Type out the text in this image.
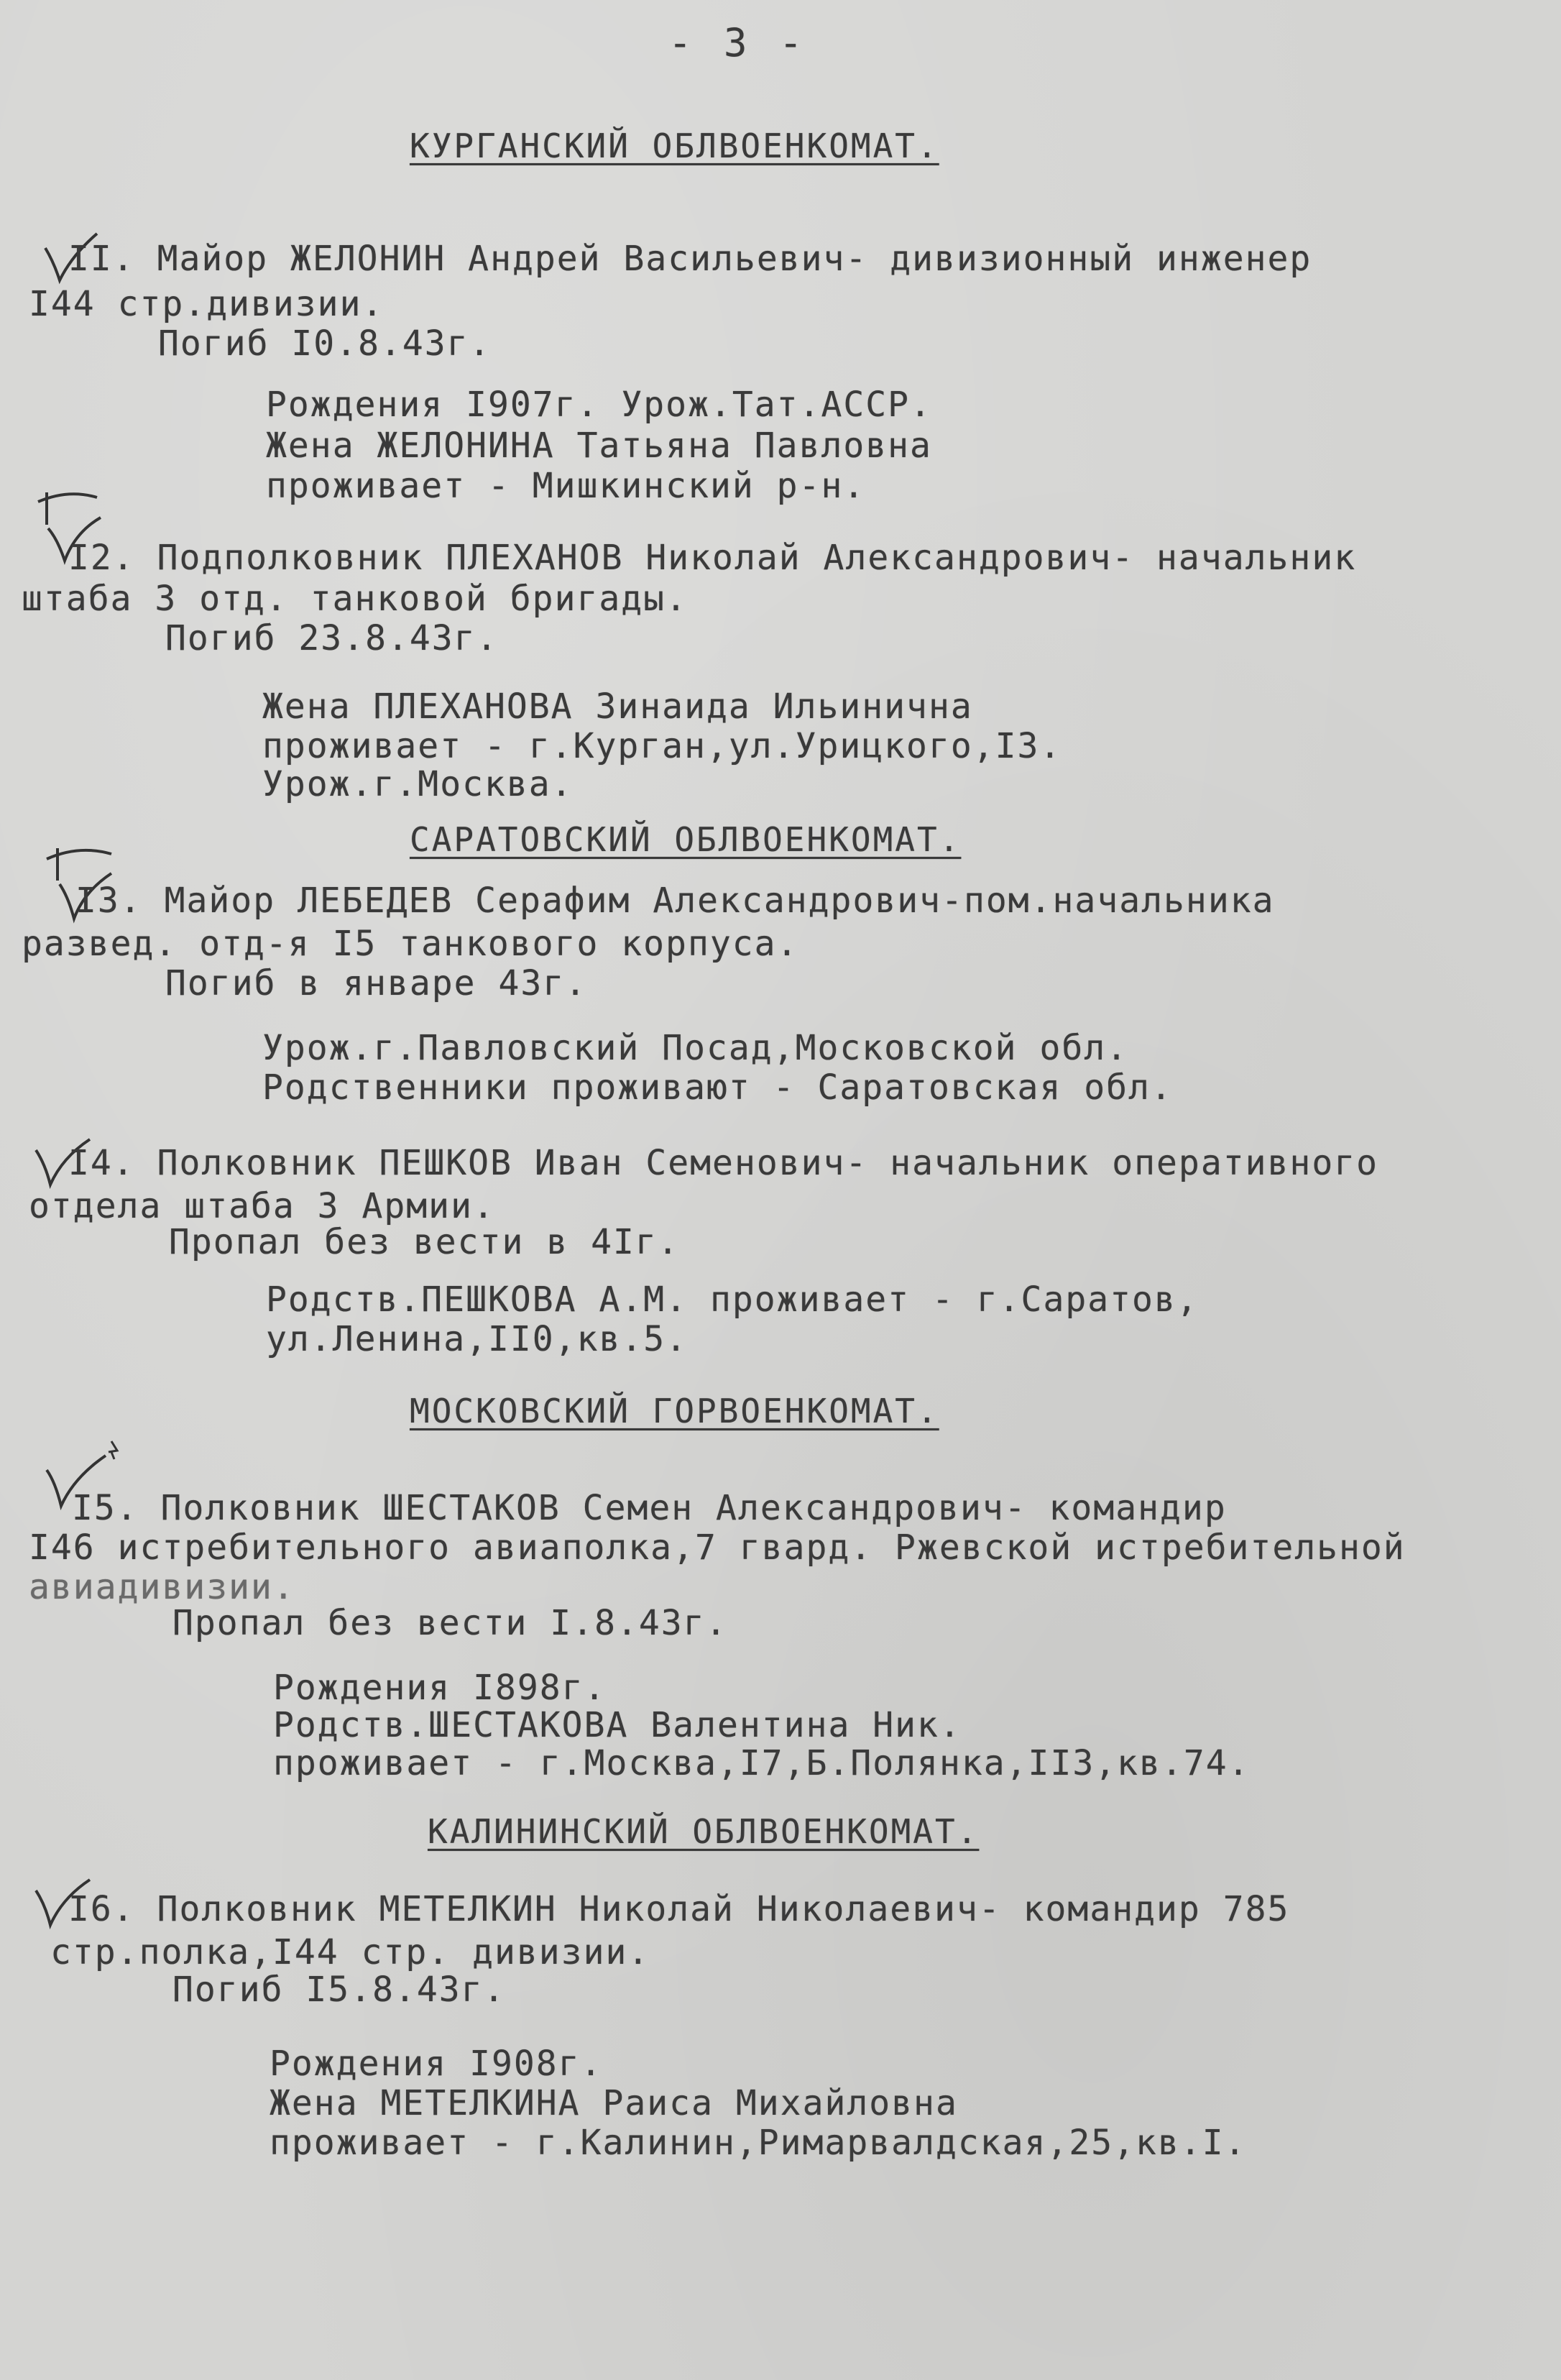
- 3 -
КУРГАНСКИЙ ОБЛВОЕНКОМАТ.
II. Майор ЖЕЛОНИН Андрей Васильевич- дивизионный инженер
I44 стр.дивизии.
Погиб I0.8.43г.
Рождения I907г. Урож.Тат.АССР.
Жена ЖЕЛОНИНА Татьяна Павловна
проживает - Мишкинский р-н.
I2. Подполковник ПЛЕХАНОВ Николай Александрович- начальник
штаба 3 отд. танковой бригады.
Погиб 23.8.43г.
Жена ПЛЕХАНОВА Зинаида Ильинична
проживает - г.Курган,ул.Урицкого,I3.
Урож.г.Москва.
САРАТОВСКИЙ ОБЛВОЕНКОМАТ.
I3. Майор ЛЕБЕДЕВ Серафим Александрович-пом.начальника
развед. отд-я I5 танкового корпуса.
Погиб в январе 43г.
Урож.г.Павловский Посад,Московской обл.
Родственники проживают - Саратовская обл.
I4. Полковник ПЕШКОВ Иван Семенович- начальник оперативного
отдела штаба 3 Армии.
Пропал без вести в 4Iг.
Родств.ПЕШКОВА А.М. проживает - г.Саратов,
ул.Ленина,II0,кв.5.
МОСКОВСКИЙ ГОРВОЕНКОМАТ.
I5. Полковник ШЕСТАКОВ Семен Александрович- командир
I46 истребительного авиаполка,7 гвард. Ржевской истребительной
авиадивизии.
Пропал без вести I.8.43г.
Рождения I898г.
Родств.ШЕСТАКОВА Валентина Ник.
проживает - г.Москва,I7,Б.Полянка,II3,кв.74.
КАЛИНИНСКИЙ ОБЛВОЕНКОМАТ.
I6. Полковник МЕТЕЛКИН Николай Николаевич- командир 785
стр.полка,I44 стр. дивизии.
Погиб I5.8.43г.
Рождения I908г.
Жена МЕТЕЛКИНА Раиса Михайловна
проживает - г.Калинин,Римарвалдская,25,кв.I.
